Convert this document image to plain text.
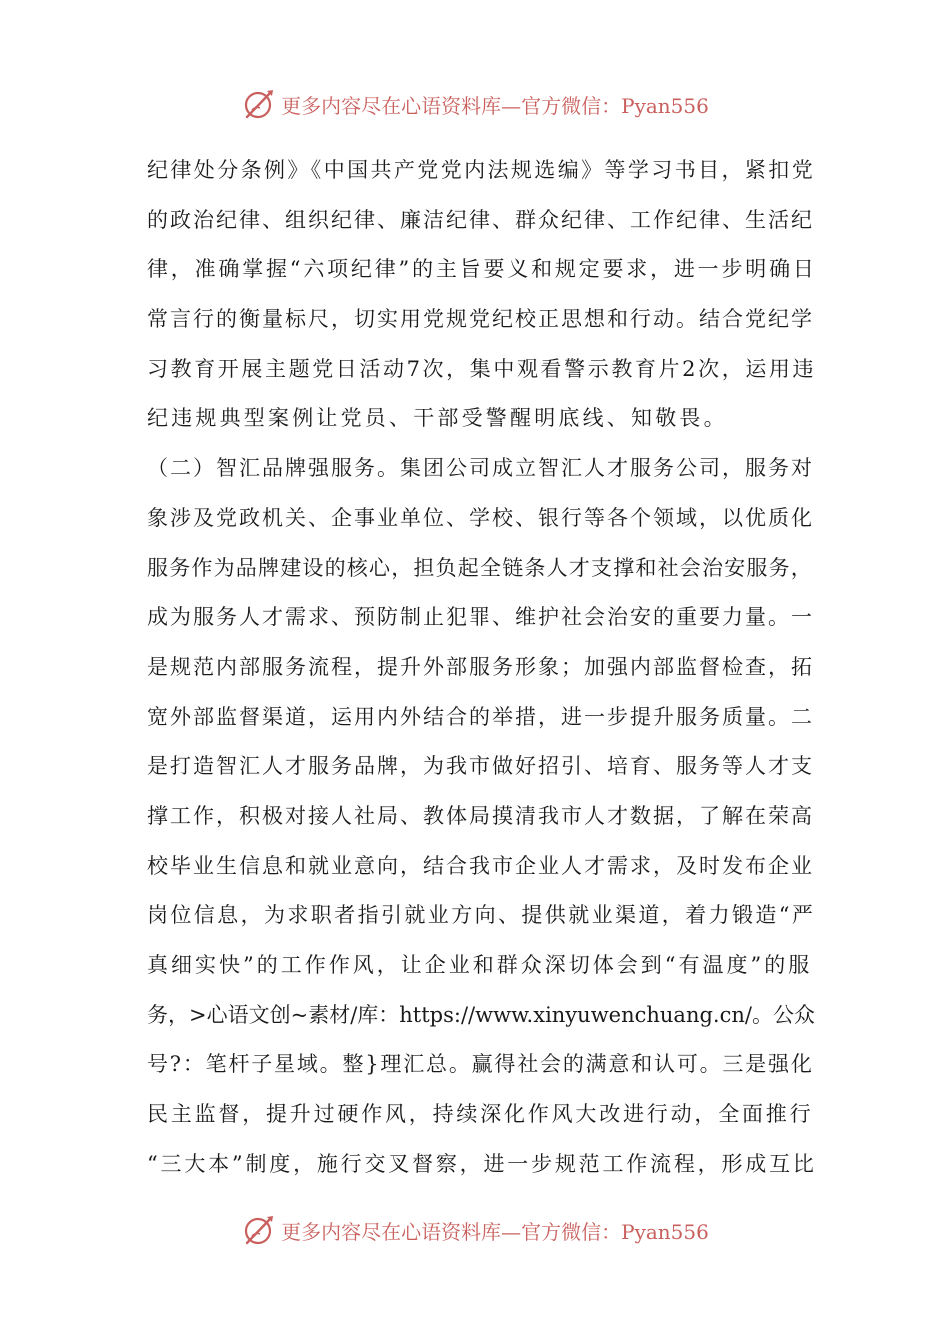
更多内容尽在心语资料库—官方微信：Pyan556
纪律处分条例》《中国共产党党内法规选编》等学习书目，紧扣党
的政治纪律、组织纪律、廉洁纪律、群众纪律、工作纪律、生活纪
律，准确掌握“六项纪律”的主旨要义和规定要求，进一步明确日
常言行的衡量标尺，切实用党规党纪校正思想和行动。结合党纪学
习教育开展主题党日活动7次，集中观看警示教育片2次，运用违
纪违规典型案例让党员、干部受警醒明底线、知敬畏。
（二）智汇品牌强服务。集团公司成立智汇人才服务公司，服务对
象涉及党政机关、企事业单位、学校、银行等各个领域，以优质化
服务作为品牌建设的核心，担负起全链条人才支撑和社会治安服务，
成为服务人才需求、预防制止犯罪、维护社会治安的重要力量。一
是规范内部服务流程，提升外部服务形象；加强内部监督检查，拓
宽外部监督渠道，运用内外结合的举措，进一步提升服务质量。二
是打造智汇人才服务品牌，为我市做好招引、培育、服务等人才支
撑工作，积极对接人社局、教体局摸清我市人才数据，了解在荣高
校毕业生信息和就业意向，结合我市企业人才需求，及时发布企业
岗位信息，为求职者指引就业方向、提供就业渠道，着力锻造“严
真细实快”的工作作风，让企业和群众深切体会到“有温度”的服
务，>心语文创~素材/库：https://www.xinyuwenchuang.cn/。公众
号?：笔杆子星域。整}理汇总。赢得社会的满意和认可。三是强化
民主监督，提升过硬作风，持续深化作风大改进行动，全面推行
“三大本”制度，施行交叉督察，进一步规范工作流程，形成互比
更多内容尽在心语资料库—官方微信：Pyan556
